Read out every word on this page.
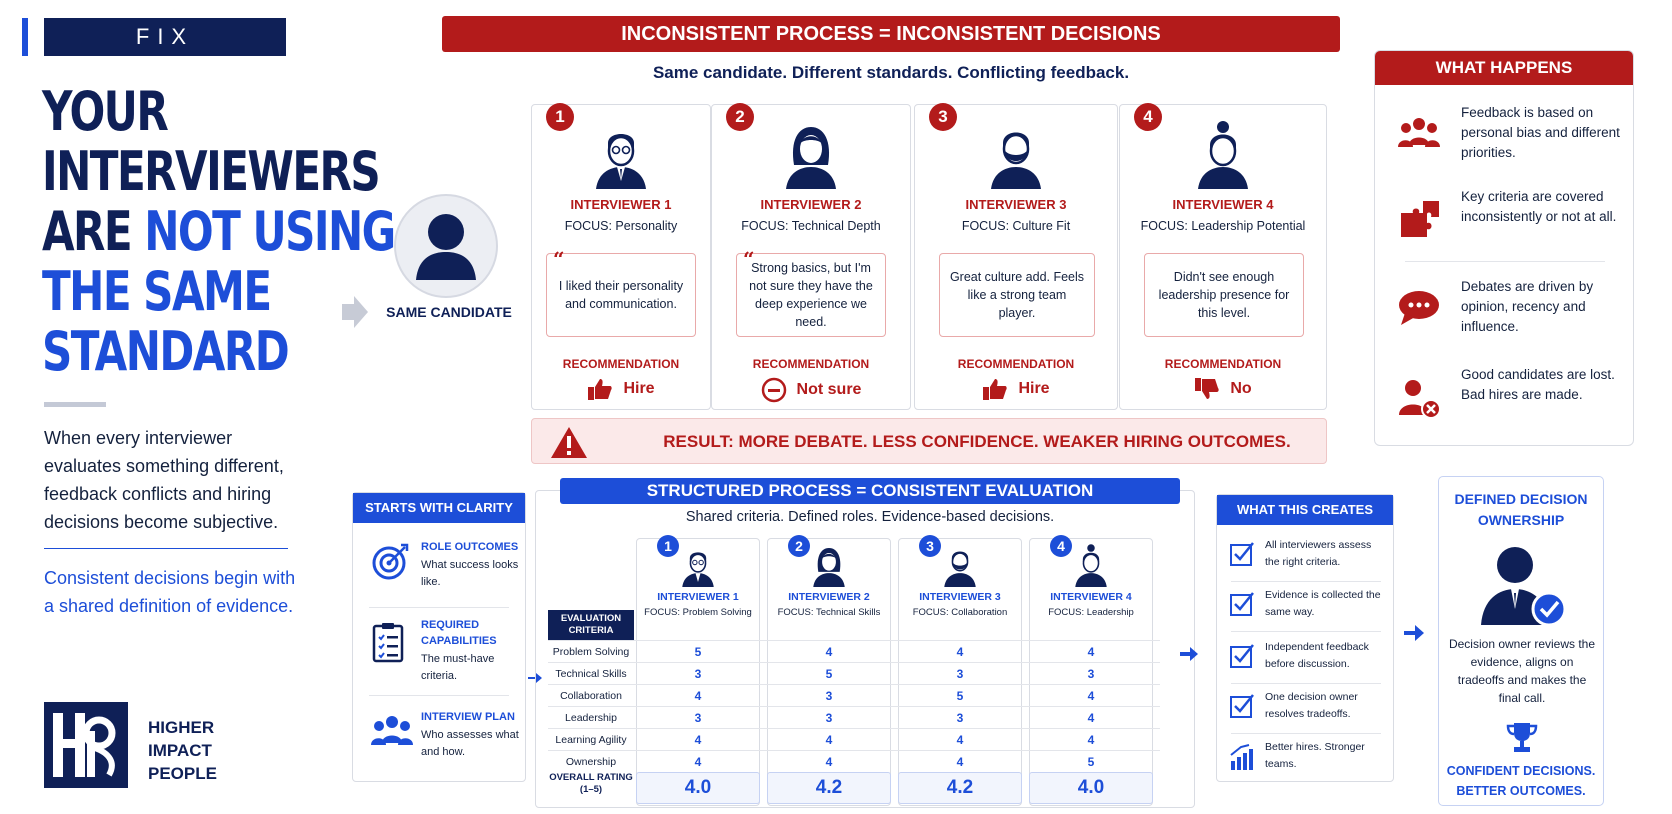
FIX
YOUR
INTERVIEWERS
ARE NOT USING
THE SAME
STANDARD
When every interviewer evaluates something different, feedback conflicts and hiring decisions become subjective.
Consistent decisions begin with a shared definition of evidence.
HIGHER
IMPACT
PEOPLE
INCONSISTENT PROCESS = INCONSISTENT DECISIONS
Same candidate. Different standards. Conflicting feedback.
SAME CANDIDATE
1
INTERVIEWER 1
FOCUS: Personality
“
I liked their personality and communication.
RECOMMENDATION
Hire
2
INTERVIEWER 2
FOCUS: Technical Depth
“
Strong basics, but I'm not sure they have the deep experience we need.
RECOMMENDATION
Not sure
3
INTERVIEWER 3
FOCUS: Culture Fit
Great culture add. Feels like a strong team player.
RECOMMENDATION
Hire
4
INTERVIEWER 4
FOCUS: Leadership Potential
Didn't see enough leadership presence for this level.
RECOMMENDATION
No
RESULT: MORE DEBATE. LESS CONFIDENCE. WEAKER HIRING OUTCOMES.
WHAT HAPPENS
Feedback is based on personal bias and different priorities.
Key criteria are covered inconsistently or not at all.
Debates are driven by opinion, recency and influence.
Good candidates are lost. Bad hires are made.
STARTS WITH CLARITY
ROLE OUTCOMES
What success looks like.
REQUIRED CAPABILITIES
The must-have criteria.
INTERVIEW PLAN
Who assesses what and how.
STRUCTURED PROCESS = CONSISTENT EVALUATION
Shared criteria. Defined roles. Evidence-based decisions.
1
INTERVIEWER 1
FOCUS: Problem Solving
2
INTERVIEWER 2
FOCUS: Technical Skills
3
INTERVIEWER 3
FOCUS: Collaboration
4
INTERVIEWER 4
FOCUS: Leadership
EVALUATION CRITERIA
Problem Solving	5	4	4	4
Technical Skills	3	5	3	3
Collaboration	4	3	5	4
Leadership	3	3	3	4
Learning Agility	4	4	4	4
Ownership	4	4	4	5
OVERALL RATING (1–5)	4.0	4.2	4.2	4.0
WHAT THIS CREATES
All interviewers assess the right criteria.
Evidence is collected the same way.
Independent feedback before discussion.
One decision owner resolves tradeoffs.
Better hires. Stronger teams.
DEFINED DECISION OWNERSHIP
Decision owner reviews the evidence, aligns on tradeoffs and makes the final call.
CONFIDENT DECISIONS. BETTER OUTCOMES.
